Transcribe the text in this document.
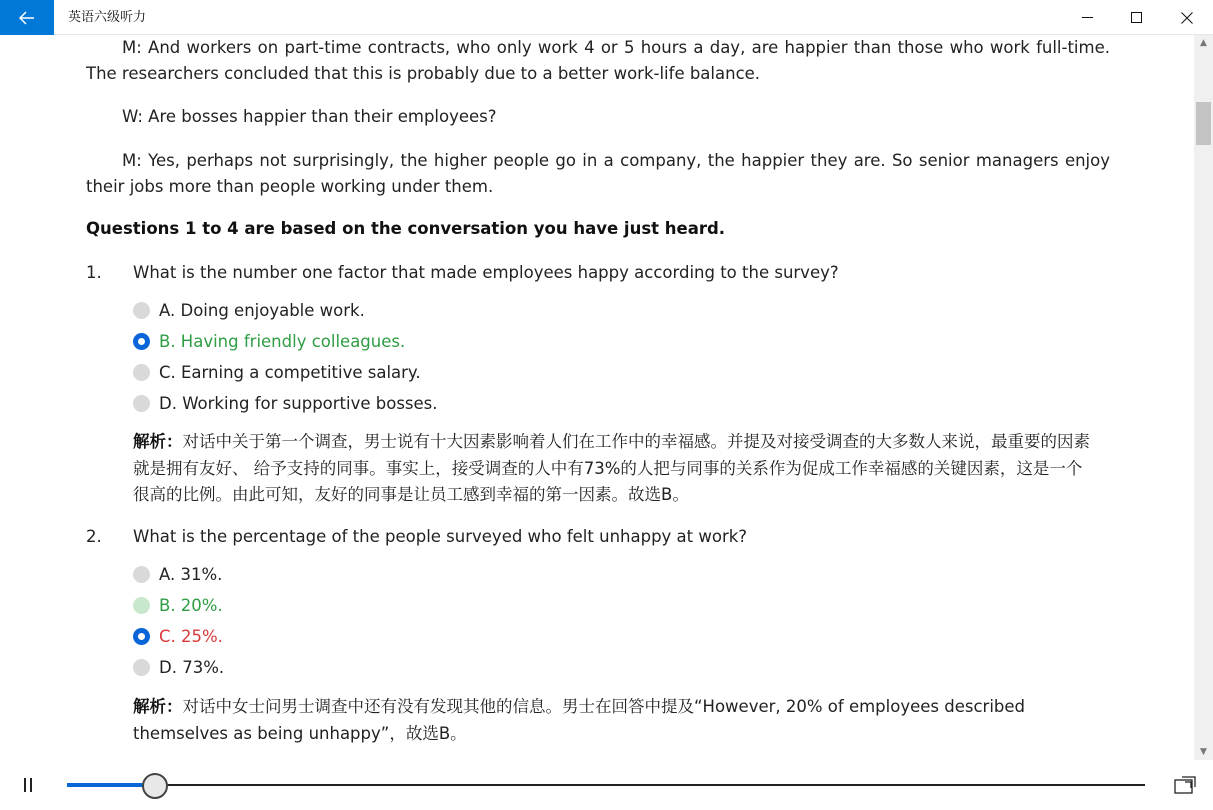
英语六级听力

M: And workers on part-time contracts, who only work 4 or 5 hours a day, are happier than those who work full-time. The researchers concluded that this is probably due to a better work-life balance.

W: Are bosses happier than their employees?

M: Yes, perhaps not surprisingly, the higher people go in a company, the happier they are. So senior managers enjoy their jobs more than people working under them.

Questions 1 to 4 are based on the conversation you have just heard.
1. What is the number one factor that made employees happy according to the survey?
A. Doing enjoyable work.
B. Having friendly colleagues.
C. Earning a competitive salary.
D. Working for supportive bosses.

解析：对话中关于第一个调查，男士说有十大因素影响着人们在工作中的幸福感。并提及对接受调查的大多数人来说，最重要的因素就是拥有友好、 给予支持的同事。事实上，接受调查的人中有73%的人把与同事的关系作为促成工作幸福感的关键因素，这是一个很高的比例。由此可知，友好的同事是让员工感到幸福的第一因素。故选B。

2. What is the percentage of the people surveyed who felt unhappy at work?
A. 31%.
B. 20%.
C. 25%.
D. 73%.

解析：对话中女士问男士调查中还有没有发现其他的信息。男士在回答中提及“However, 20% of employees described themselves as being unhappy”，故选B。

▲
▼
